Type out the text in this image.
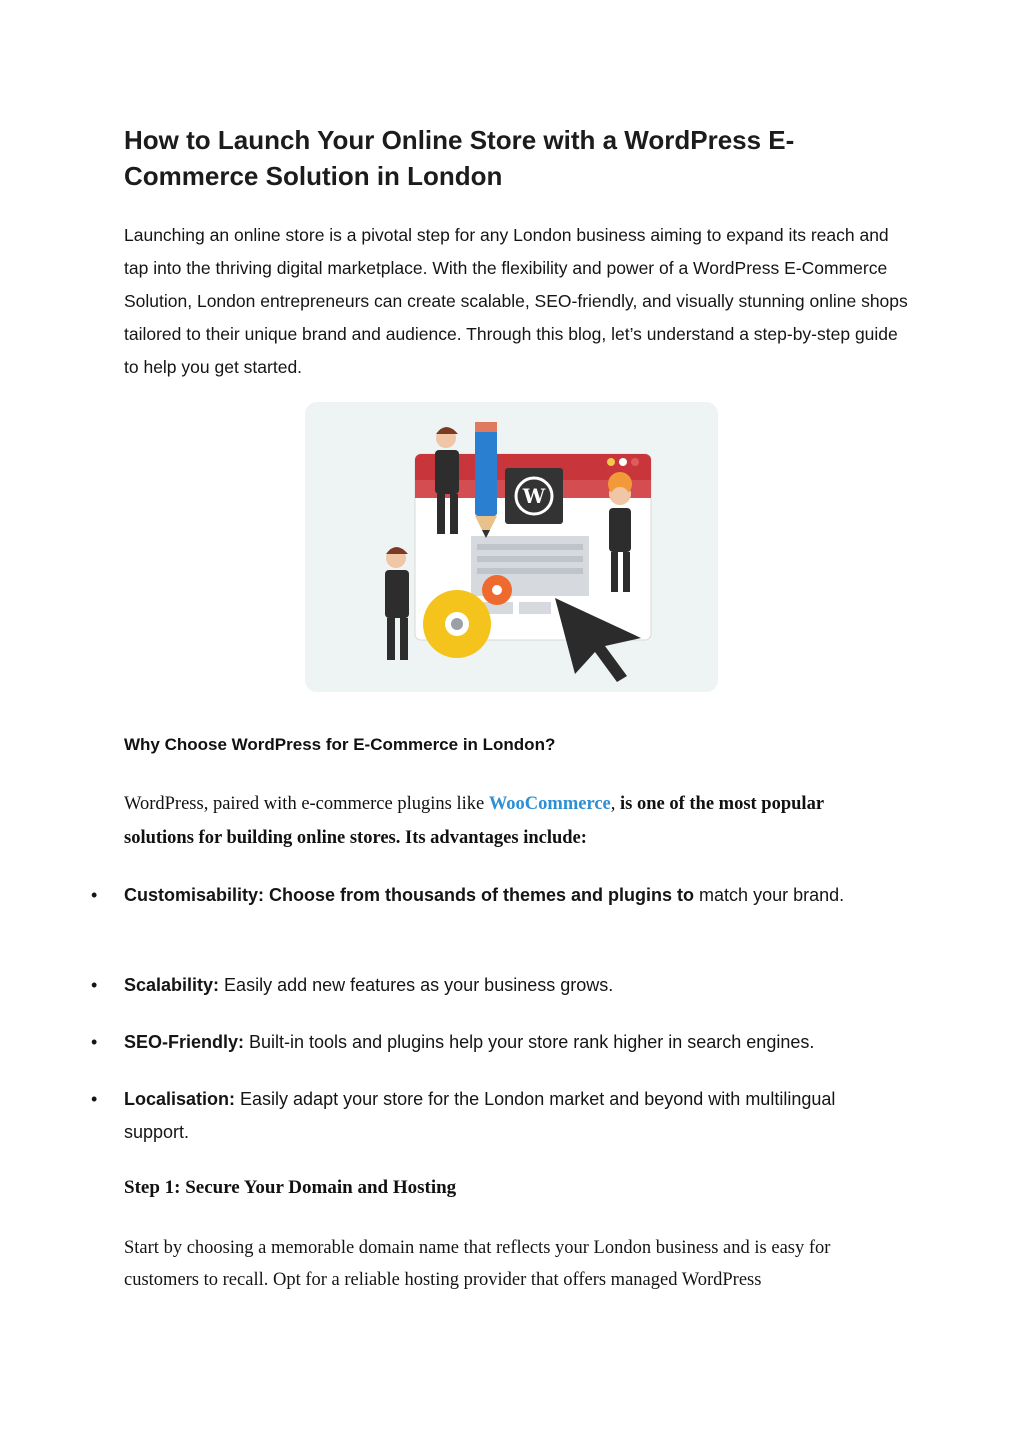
How to Launch Your Online Store with a WordPress E-Commerce Solution in London

Launching an online store is a pivotal step for any London business aiming to expand its reach and tap into the thriving digital marketplace. With the flexibility and power of a WordPress E-Commerce Solution, London entrepreneurs can create scalable, SEO-friendly, and visually stunning online shops tailored to their unique brand and audience. Through this blog, let’s understand a step-by-step guide to help you get started.

W
Why Choose WordPress for E-Commerce in London?

WordPress, paired with e-commerce plugins like WooCommerce, is one of the most popular solutions for building online stores. Its advantages include:

• Customisability: Choose from thousands of themes and plugins to match your brand.
• Scalability: Easily add new features as your business grows.
• SEO-Friendly: Built-in tools and plugins help your store rank higher in search engines.
• Localisation: Easily adapt your store for the London market and beyond with multilingual support.
Step 1: Secure Your Domain and Hosting

Start by choosing a memorable domain name that reflects your London business and is easy for customers to recall. Opt for a reliable hosting provider that offers managed WordPress
